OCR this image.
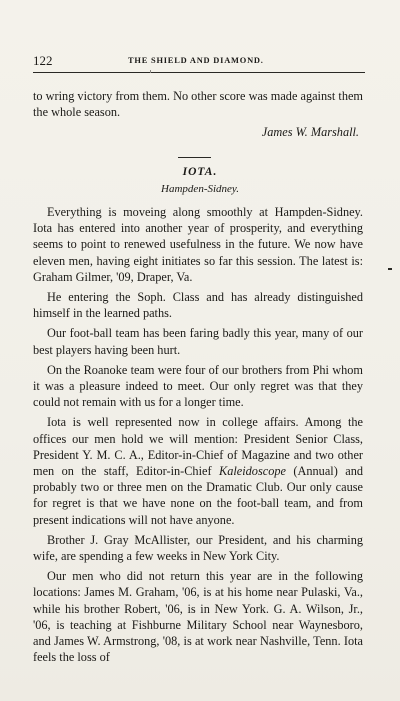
122	THE SHIELD AND DIAMOND.

to wring victory from them. No other score was made against them the whole season.

James W. Marshall.

IOTA.
Hampden-Sidney.

Everything is moveing along smoothly at Hampden-Sidney. Iota has entered into another year of prosperity, and everything seems to point to renewed usefulness in the future. We now have eleven men, having eight initiates so far this session. The latest is: Graham Gilmer, '09, Draper, Va.

He entering the Soph. Class and has already distinguished himself in the learned paths.

Our foot-ball team has been faring badly this year, many of our best players having been hurt.

On the Roanoke team were four of our brothers from Phi whom it was a pleasure indeed to meet. Our only regret was that they could not remain with us for a longer time.

Iota is well represented now in college affairs. Among the offices our men hold we will mention: President Senior Class, President Y. M. C. A., Editor-in-Chief of Magazine and two other men on the staff, Editor-in-Chief Kaleidoscope (Annual) and probably two or three men on the Dramatic Club. Our only cause for regret is that we have none on the foot-ball team, and from present indications will not have anyone.

Brother J. Gray McAllister, our President, and his charming wife, are spending a few weeks in New York City.

Our men who did not return this year are in the following locations: James M. Graham, '06, is at his home near Pulaski, Va., while his brother Robert, '06, is in New York. G. A. Wilson, Jr., '06, is teaching at Fishburne Military School near Waynesboro, and James W. Armstrong, '08, is at work near Nashville, Tenn. Iota feels the loss of
